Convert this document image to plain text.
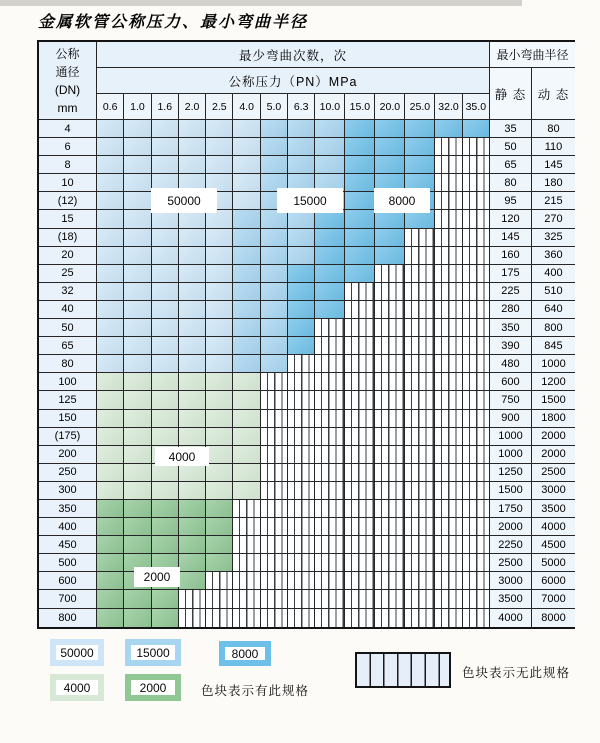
金属软管公称压力、最小弯曲半径
公称
通径
(DN)
mm
最少弯曲次数，次	最小弯曲半径
公称压力（PN）MPa
静 态 动 态
0.6	1.0	1.6	2.0	2.5	4.0	5.0	6.3	10.0 15.0 20.0 25.0 32.0 35.0
4	35	80
6	50	110
8	65	145
10	80	180
(12)	95	215
15	120	270
(18)	145	325
20	160	360
25	175	400
32	225	510
40	280	640
50	350	800
65	390	845
80	480	1000
100	600	1200
125	750	1500
150	900	1800
(175)	1000	2000
200	1000	2000
250	1250	2500
300	1500	3000
350	1750	3500
400	2000	4000
450	2250	4500
500	2500	5000
600	3000	6000
700	3500	7000
800	4000	8000
50000	15000	8000
4000
2000
色块表示有此规格
色块表示无此规格
50000	15000	8000
4000	2000
